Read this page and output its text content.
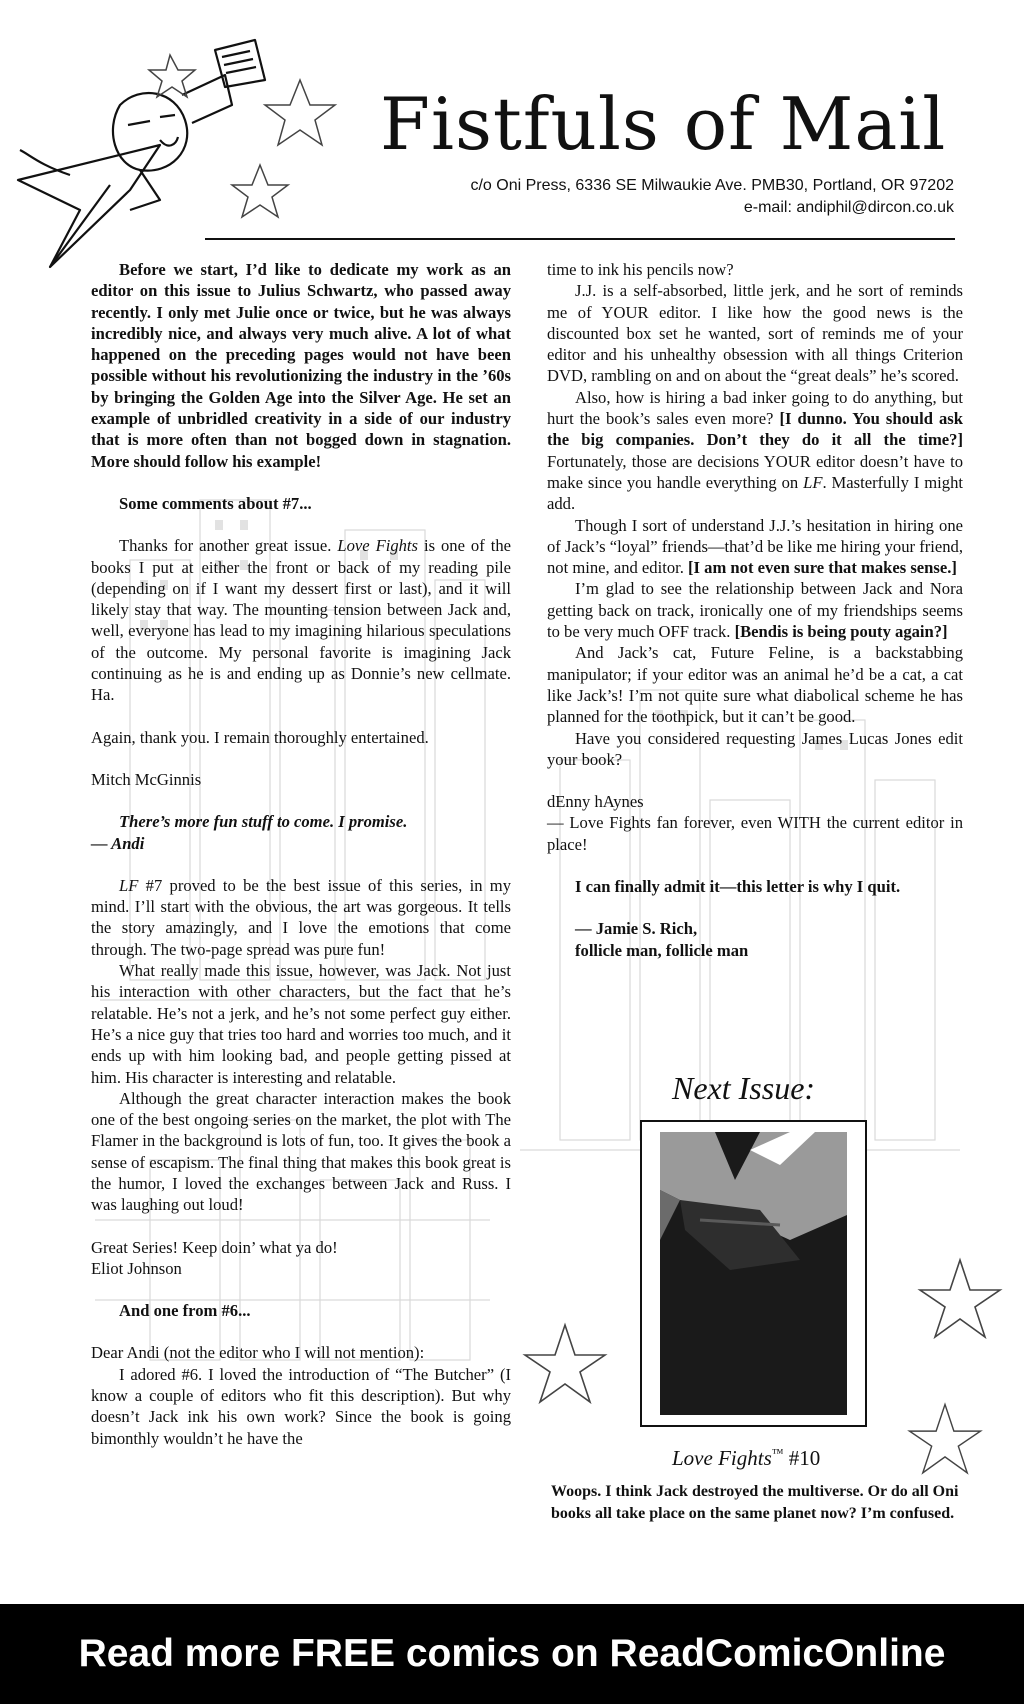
Fistfuls of Mail
c/o Oni Press, 6336 SE Milwaukie Ave. PMB30, Portland, OR 97202
e-mail: andiphil@dircon.co.uk

Before we start, I’d like to dedicate my work as an editor on this issue to Julius Schwartz, who passed away recently. I only met Julie once or twice, but he was always incredibly nice, and always very much alive. A lot of what happened on the preceding pages would not have been possible without his revolutionizing the industry in the ’60s by bringing the Golden Age into the Silver Age. He set an example of unbridled creativity in a side of our industry that is more often than not bogged down in stagnation. More should follow his example!

Some comments about #7...

Thanks for another great issue. Love Fights is one of the books I put at either the front or back of my reading pile (depending on if I want my dessert first or last), and it will likely stay that way. The mounting tension between Jack and, well, everyone has lead to my imagining hilarious speculations of the outcome. My personal favorite is imagining Jack continuing as he is and ending up as Donnie’s new cellmate. Ha.

Again, thank you. I remain thoroughly entertained.

Mitch McGinnis

There’s more fun stuff to come. I promise.

— Andi

LF #7 proved to be the best issue of this series, in my mind. I’ll start with the obvious, the art was gorgeous. It tells the story amazingly, and I love the emotions that come through. The two-page spread was pure fun!

What really made this issue, however, was Jack. Not just his interaction with other characters, but the fact that he’s relatable. He’s not a jerk, and he’s not some perfect guy either. He’s a nice guy that tries too hard and worries too much, and it ends up with him looking bad, and people getting pissed at him. His character is interesting and relatable.

Although the great character interaction makes the book one of the best ongoing series on the market, the plot with The Flamer in the background is lots of fun, too. It gives the book a sense of escapism. The final thing that makes this book great is the humor, I loved the exchanges between Jack and Russ. I was laughing out loud!

Great Series! Keep doin’ what ya do!

Eliot Johnson

And one from #6...

Dear Andi (not the editor who I will not mention):

I adored #6. I loved the introduction of “The Butcher” (I know a couple of editors who fit this description). But why doesn’t Jack ink his own work? Since the book is going bimonthly wouldn’t he have the

time to ink his pencils now?

J.J. is a self-absorbed, little jerk, and he sort of reminds me of YOUR editor. I like how the good news is the discounted box set he wanted, sort of reminds me of your editor and his unhealthy obsession with all things Criterion DVD, rambling on and on about the “great deals” he’s scored.

Also, how is hiring a bad inker going to do anything, but hurt the book’s sales even more? [I dunno. You should ask the big companies. Don’t they do it all the time?] Fortunately, those are decisions YOUR editor doesn’t have to make since you handle everything on LF. Masterfully I might add.

Though I sort of understand J.J.’s hesitation in hiring one of Jack’s “loyal” friends—that’d be like me hiring your friend, not mine, and editor. [I am not even sure that makes sense.]

I’m glad to see the relationship between Jack and Nora getting back on track, ironically one of my friendships seems to be very much OFF track. [Bendis is being pouty again?]

And Jack’s cat, Future Feline, is a backstabbing manipulator; if your editor was an animal he’d be a cat, a cat like Jack’s! I’m not quite sure what diabolical scheme he has planned for the toothpick, but it can’t be good.

Have you considered requesting James Lucas Jones edit your book?

dEnny hAynes

— Love Fights fan forever, even WITH the current editor in place!

I can finally admit it—this letter is why I quit.

— Jamie S. Rich,

follicle man, follicle man

Next Issue:
Love Fights™ #10
Woops. I think Jack destroyed the multiverse. Or do all Oni books all take place on the same planet now? I’m confused.
Read more FREE comics on ReadComicOnline
